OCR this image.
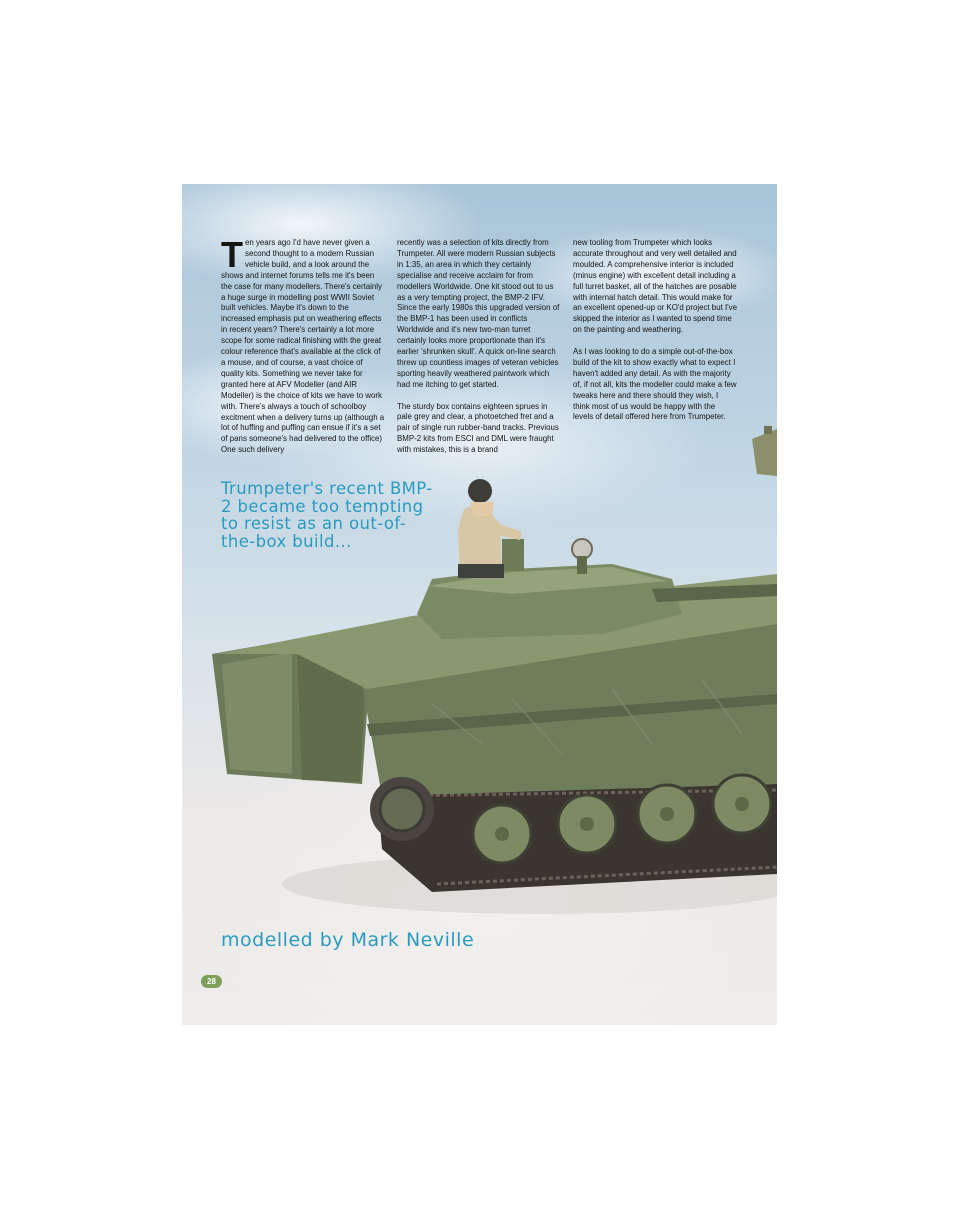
Ten years ago I'd have never given a second thought to a modern Russian vehicle build, and a look around the shows and internet forums tells me it's been the case for many modellers. There's certainly a huge surge in modelling post WWII Soviet built vehicles. Maybe it's down to the increased emphasis put on weathering effects in recent years? There's certainly a lot more scope for some radical finishing with the great colour reference that's available at the click of a mouse, and of course, a vast choice of quality kits. Something we never take for granted here at AFV Modeller (and AIR Modeller) is the choice of kits we have to work with. There's always a touch of schoolboy excitment when a delivery turns up (although a lot of huffing and puffing can ensue if it's a set of pans someone's had delivered to the office) One such delivery

recently was a selection of kits directly from Trumpeter. All were modern Russian subjects in 1:35, an area in which they certainly specialise and receive acclaim for from modellers Worldwide. One kit stood out to us as a very tempting project, the BMP-2 IFV. Since the early 1980s this upgraded version of the BMP-1 has been used in conflicts Worldwide and it's new two-man turret certainly looks more proportionate than it's earlier 'shrunken skull'. A quick on-line search threw up countless images of veteran vehicles sporting heavily weathered paintwork which had me itching to get started.

The sturdy box contains eighteen sprues in pale grey and clear, a photoetched fret and a pair of single run rubber-band tracks. Previous BMP-2 kits from ESCI and DML were fraught with mistakes, this is a brand

new tooling from Trumpeter which looks accurate throughout and very well detailed and moulded. A comprehensive interior is included (minus engine) with excellent detail including a full turret basket, all of the hatches are posable with internal hatch detail. This would make for an excellent opened-up or KO'd project but I've skipped the interior as I wanted to spend time on the painting and weathering.

As I was looking to do a simple out-of-the-box build of the kit to show exactly what to expect I haven't added any detail. As with the majority of, if not all, kits the modeller could make a few tweaks here and there should they wish, I think most of us would be happy with the levels of detail offered here from Trumpeter.

Trumpeter's recent BMP-2 became too tempting to resist as an out-of-the-box build...

modelled by Mark Neville

28
